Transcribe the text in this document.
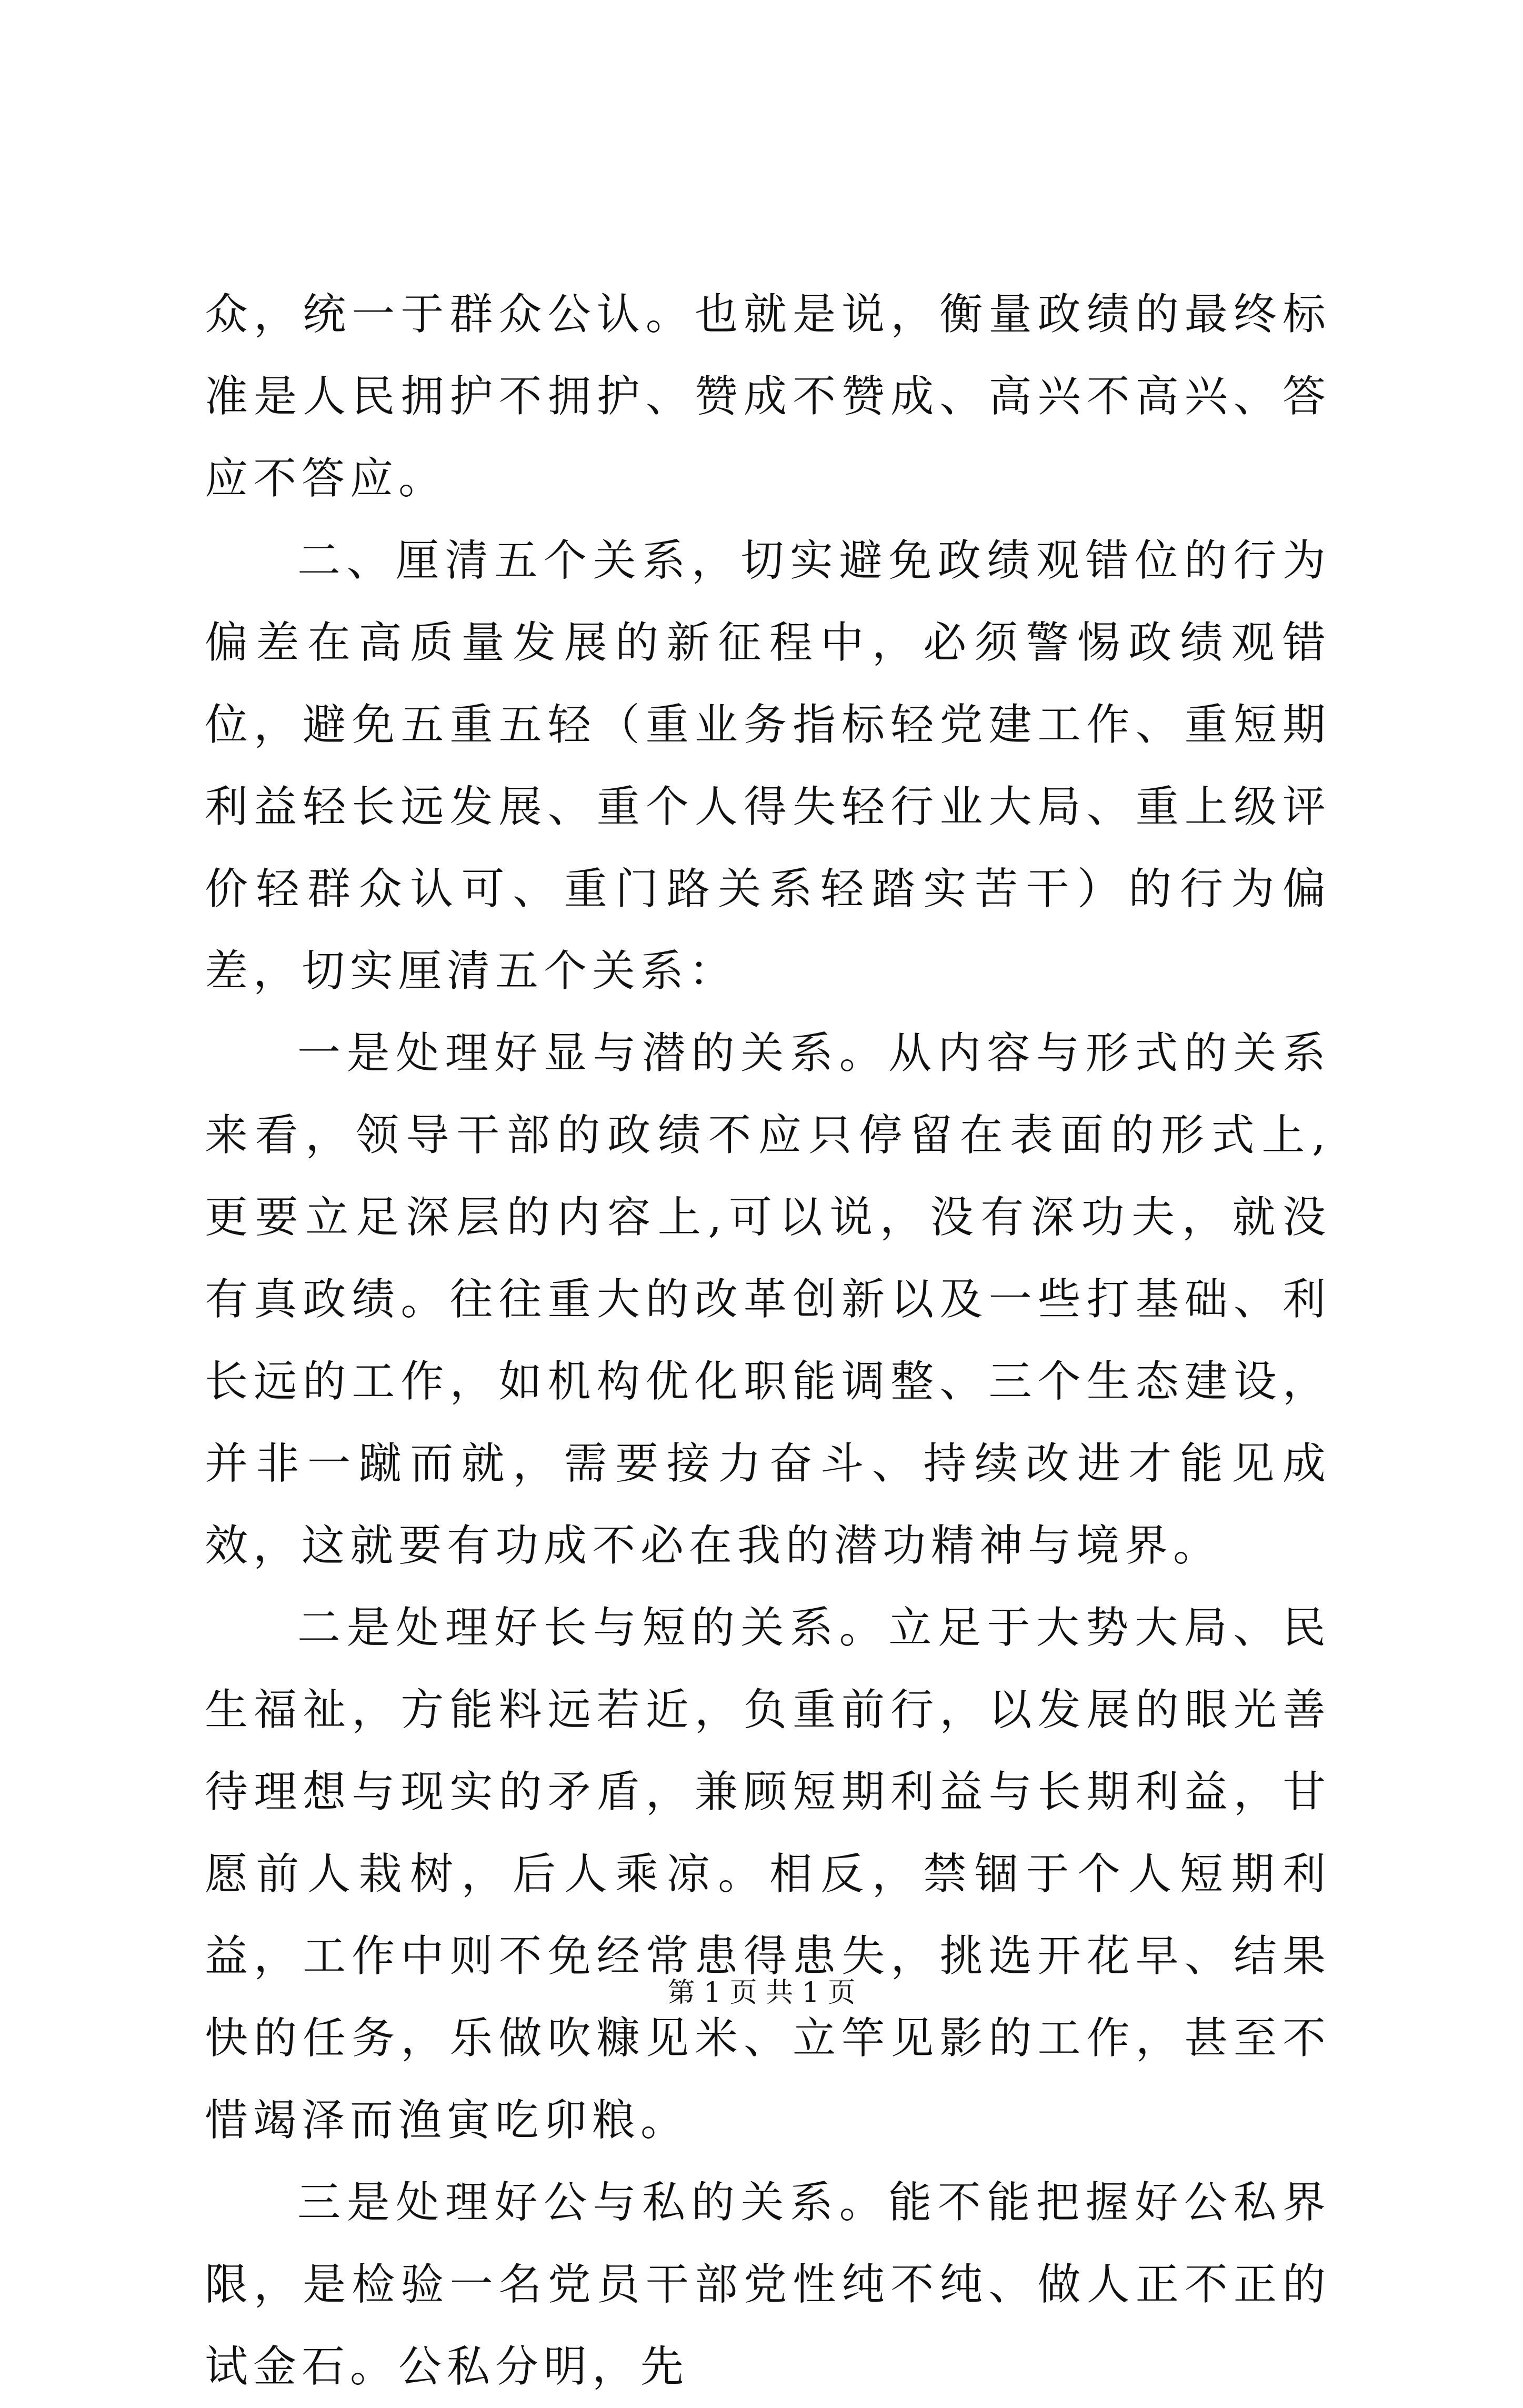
众，统一于群众公认。也就是说，衡量政绩的最终标准是人民拥护不拥护、赞成不赞成、高兴不高兴、答应不答应。

二、厘清五个关系，切实避免政绩观错位的行为偏差在高质量发展的新征程中，必须警惕政绩观错位，避免五重五轻（重业务指标轻党建工作、重短期利益轻长远发展、重个人得失轻行业大局、重上级评价轻群众认可、重门路关系轻踏实苦干）的行为偏差，切实厘清五个关系：

一是处理好显与潜的关系。从内容与形式的关系来看，领导干部的政绩不应只停留在表面的形式上,更要立足深层的内容上,可以说，没有深功夫，就没有真政绩。往往重大的改革创新以及一些打基础、利长远的工作，如机构优化职能调整、三个生态建设，并非一蹴而就，需要接力奋斗、持续改进才能见成效，这就要有功成不必在我的潜功精神与境界。

二是处理好长与短的关系。立足于大势大局、民生福祉，方能料远若近，负重前行，以发展的眼光善待理想与现实的矛盾，兼顾短期利益与长期利益，甘愿前人栽树，后人乘凉。相反，禁锢于个人短期利益，工作中则不免经常患得患失，挑选开花早、结果快的任务，乐做吹糠见米、立竿见影的工作，甚至不惜竭泽而渔寅吃卯粮。

三是处理好公与私的关系。能不能把握好公私界限，是检验一名党员干部党性纯不纯、做人正不正的试金石。公私分明，先

第 1 页 共 1 页
